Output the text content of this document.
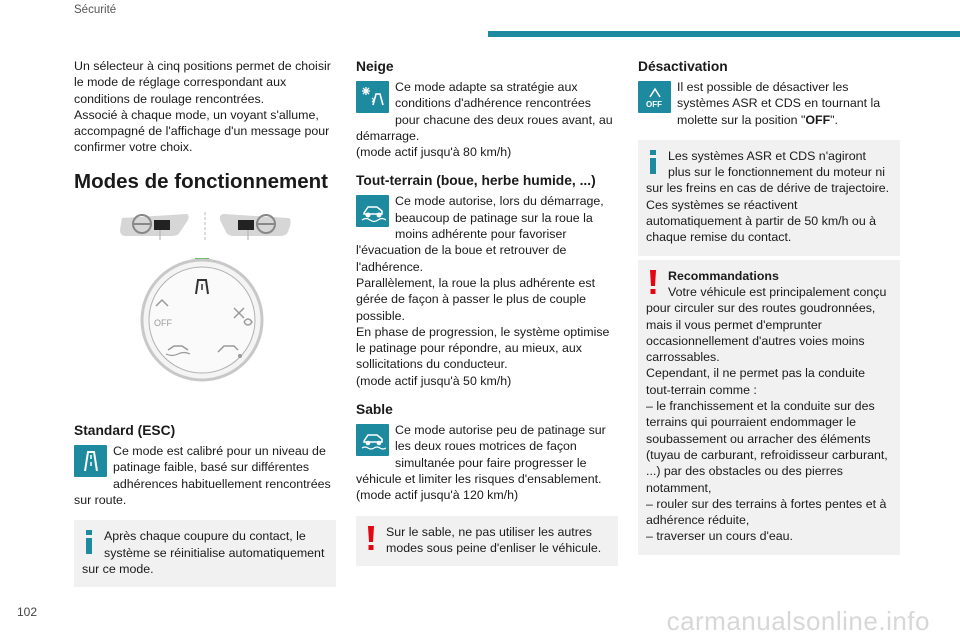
Sécurité

Un sélecteur à cinq positions permet de choisir le mode de réglage correspondant aux conditions de roulage rencontrées.
Associé à chaque mode, un voyant s'allume, accompagné de l'affichage d'un message pour confirmer votre choix.

Modes de fonctionnement
OFF
Standard (ESC)

Ce mode est calibré pour un niveau de patinage faible, basé sur différentes adhérences habituellement rencontrées sur route.

Après chaque coupure du contact, le système se réinitialise automatiquement sur ce mode.

Neige

Ce mode adapte sa stratégie aux conditions d'adhérence rencontrées pour chacune des deux roues avant, au démarrage.
(mode actif jusqu'à 80 km/h)

Tout-terrain (boue, herbe humide, ...)

Ce mode autorise, lors du démarrage, beaucoup de patinage sur la roue la moins adhérente pour favoriser l'évacuation de la boue et retrouver de l'adhérence.
Parallèlement, la roue la plus adhérente est gérée de façon à passer le plus de couple possible.
En phase de progression, le système optimise le patinage pour répondre, au mieux, aux sollicitations du conducteur.
(mode actif jusqu'à 50 km/h)

Sable

Ce mode autorise peu de patinage sur les deux roues motrices de façon simultanée pour faire progresser le véhicule et limiter les risques d'ensablement.
(mode actif jusqu'à 120 km/h)

Sur le sable, ne pas utiliser les autres modes sous peine d'enliser le véhicule.

Désactivation
OFF

Il est possible de désactiver les systèmes ASR et CDS en tournant la molette sur la position "OFF".

Les systèmes ASR et CDS n'agiront plus sur le fonctionnement du moteur ni sur les freins en cas de dérive de trajectoire.
Ces systèmes se réactivent automatiquement à partir de 50 km/h ou à chaque remise du contact.

Recommandations

Votre véhicule est principalement conçu pour circuler sur des routes goudronnées, mais il vous permet d'emprunter occasionnellement d'autres voies moins carrossables.
Cependant, il ne permet pas la conduite tout-terrain comme :
– le franchissement et la conduite sur des terrains qui pourraient endommager le soubassement ou arracher des éléments (tuyau de carburant, refroidisseur carburant, ...) par des obstacles ou des pierres notamment,
– rouler sur des terrains à fortes pentes et à adhérence réduite,
– traverser un cours d'eau.

102	carmanualsonline.info
